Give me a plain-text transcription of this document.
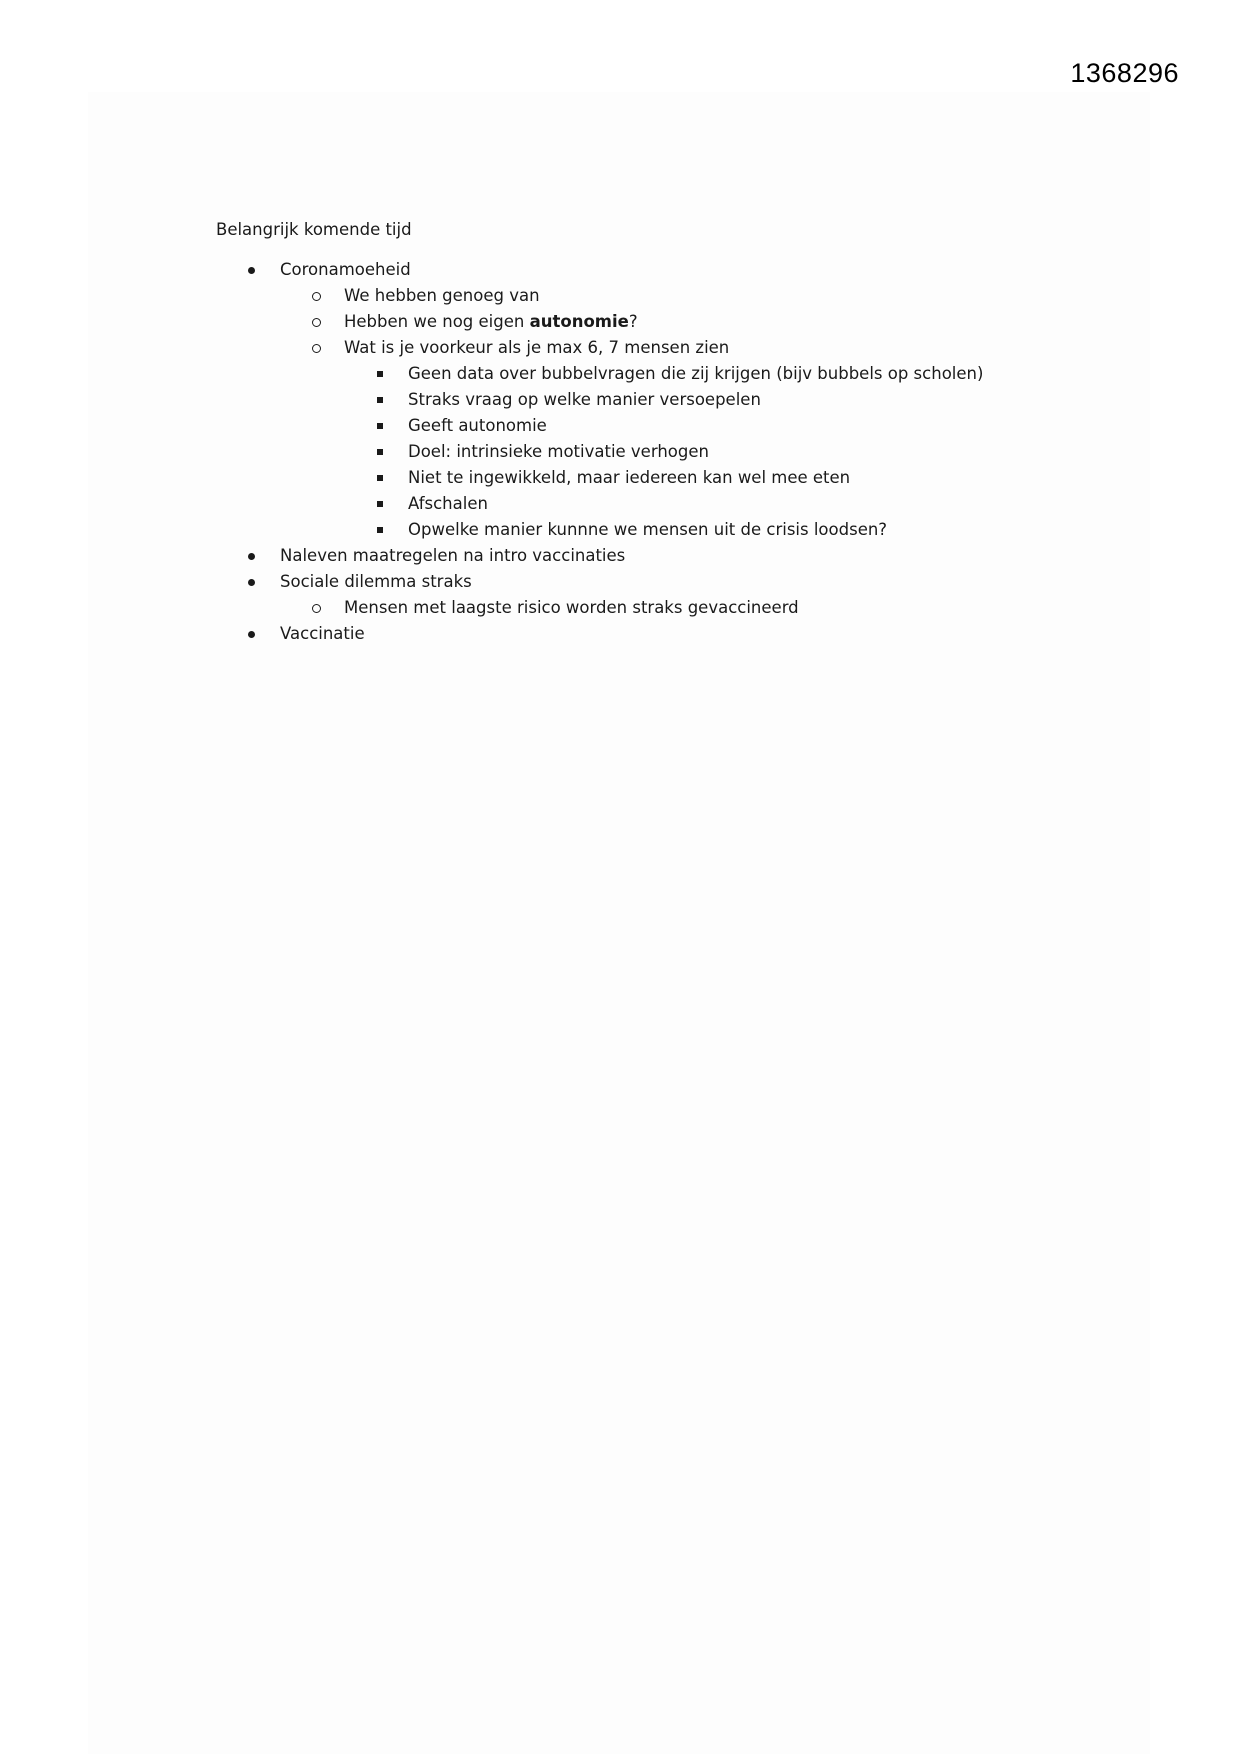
1368296

Belangrijk komende tijd

Coronamoeheid
We hebben genoeg van
Hebben we nog eigen autonomie?
Wat is je voorkeur als je max 6, 7 mensen zien
Geen data over bubbelvragen die zij krijgen (bijv bubbels op scholen)
Straks vraag op welke manier versoepelen
Geeft autonomie
Doel: intrinsieke motivatie verhogen
Niet te ingewikkeld, maar iedereen kan wel mee eten
Afschalen
Opwelke manier kunnne we mensen uit de crisis loodsen?
Naleven maatregelen na intro vaccinaties
Sociale dilemma straks
Mensen met laagste risico worden straks gevaccineerd
Vaccinatie
